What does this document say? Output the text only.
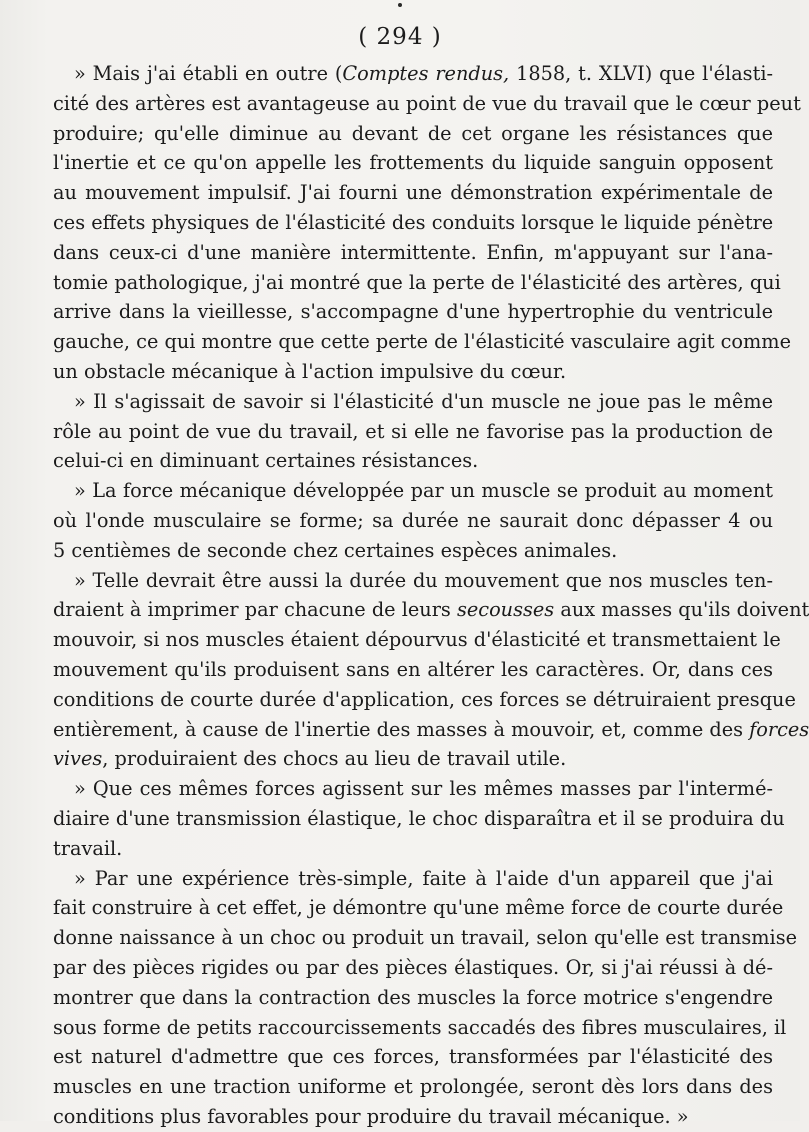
( 294 )
» Mais j'ai établi en outre (Comptes rendus, 1858, t. XLVI) que l'élasti-
cité des artères est avantageuse au point de vue du travail que le cœur peut
produire; qu'elle diminue au devant de cet organe les résistances que
l'inertie et ce qu'on appelle les frottements du liquide sanguin opposent
au mouvement impulsif. J'ai fourni une démonstration expérimentale de
ces effets physiques de l'élasticité des conduits lorsque le liquide pénètre
dans ceux-ci d'une manière intermittente. Enfin, m'appuyant sur l'ana-
tomie pathologique, j'ai montré que la perte de l'élasticité des artères, qui
arrive dans la vieillesse, s'accompagne d'une hypertrophie du ventricule
gauche, ce qui montre que cette perte de l'élasticité vasculaire agit comme
un obstacle mécanique à l'action impulsive du cœur.
» Il s'agissait de savoir si l'élasticité d'un muscle ne joue pas le même
rôle au point de vue du travail, et si elle ne favorise pas la production de
celui-ci en diminuant certaines résistances.
» La force mécanique développée par un muscle se produit au moment
où l'onde musculaire se forme; sa durée ne saurait donc dépasser 4 ou
5 centièmes de seconde chez certaines espèces animales.
» Telle devrait être aussi la durée du mouvement que nos muscles ten-
draient à imprimer par chacune de leurs secousses aux masses qu'ils doivent
mouvoir, si nos muscles étaient dépourvus d'élasticité et transmettaient le
mouvement qu'ils produisent sans en altérer les caractères. Or, dans ces
conditions de courte durée d'application, ces forces se détruiraient presque
entièrement, à cause de l'inertie des masses à mouvoir, et, comme des forces
vives, produiraient des chocs au lieu de travail utile.
» Que ces mêmes forces agissent sur les mêmes masses par l'intermé-
diaire d'une transmission élastique, le choc disparaîtra et il se produira du
travail.
» Par une expérience très-simple, faite à l'aide d'un appareil que j'ai
fait construire à cet effet, je démontre qu'une même force de courte durée
donne naissance à un choc ou produit un travail, selon qu'elle est transmise
par des pièces rigides ou par des pièces élastiques. Or, si j'ai réussi à dé-
montrer que dans la contraction des muscles la force motrice s'engendre
sous forme de petits raccourcissements saccadés des fibres musculaires, il
est naturel d'admettre que ces forces, transformées par l'élasticité des
muscles en une traction uniforme et prolongée, seront dès lors dans des
conditions plus favorables pour produire du travail mécanique. »
